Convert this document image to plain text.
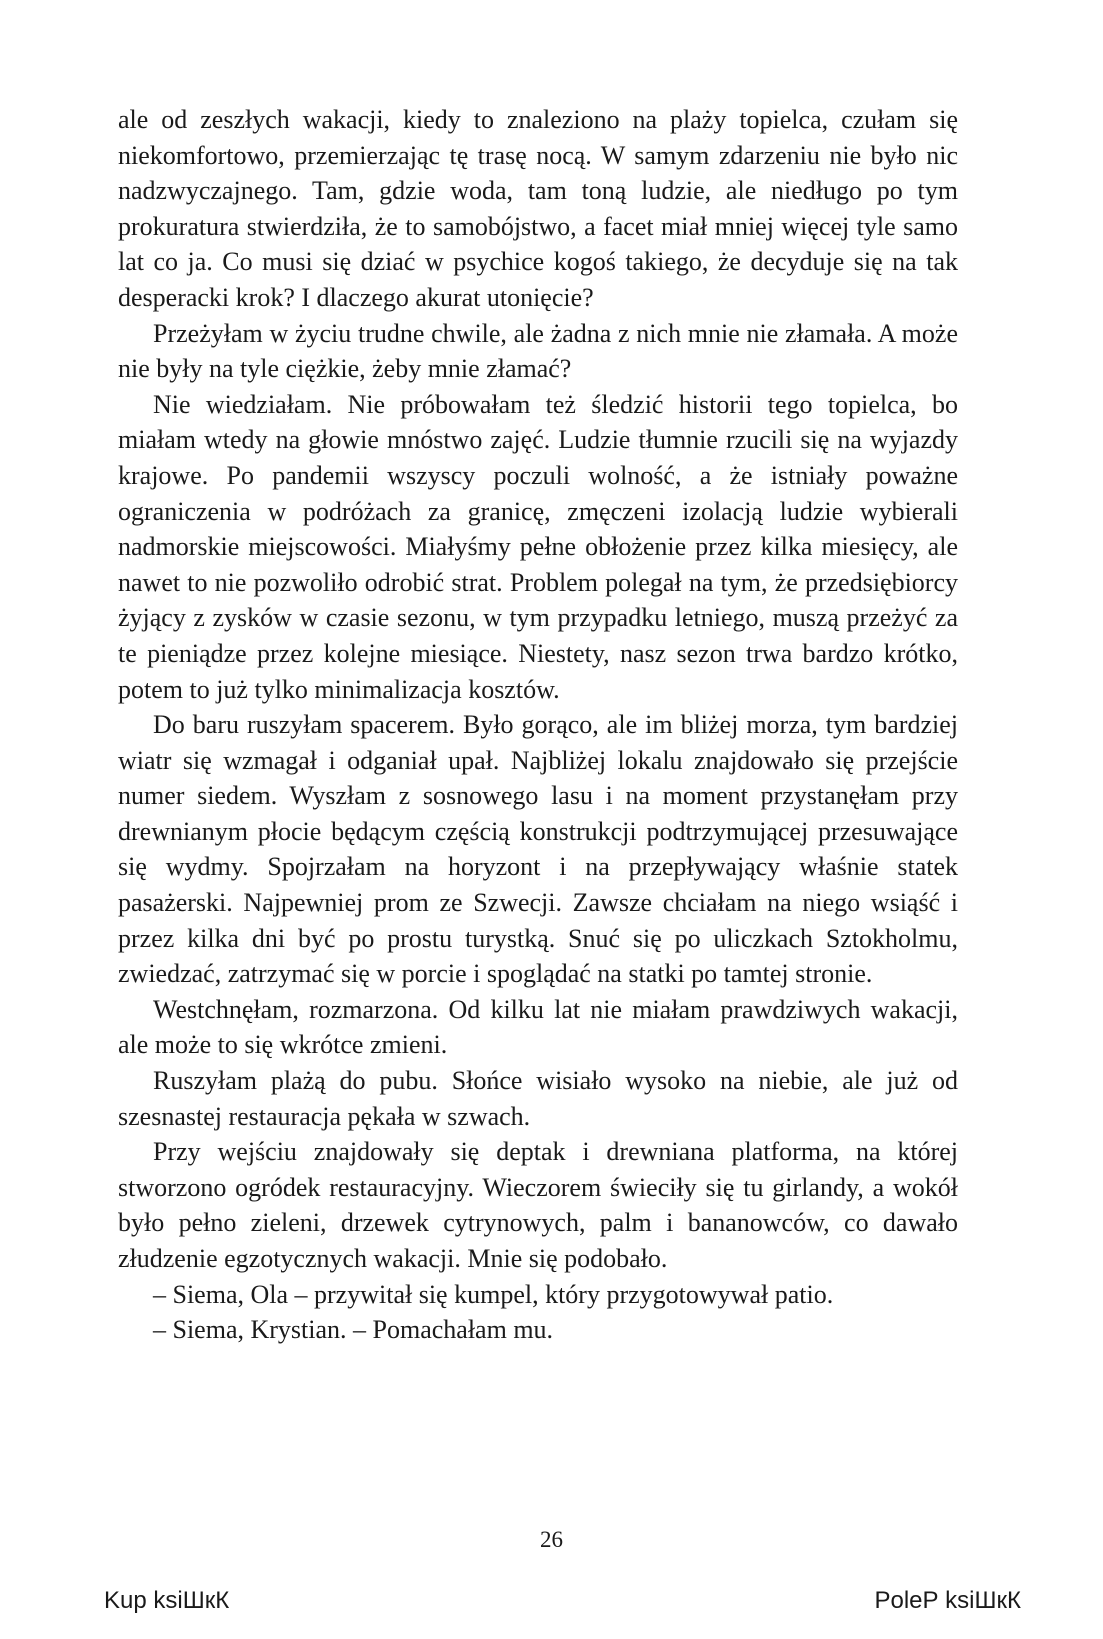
ale od zeszłych wakacji, kiedy to znaleziono na plaży topielca, czułam się niekomfortowo, przemierzając tę trasę nocą. W samym zdarzeniu nie było nic nadzwyczajnego. Tam, gdzie woda, tam toną ludzie, ale niedługo po tym prokuratura stwierdziła, że to samobójstwo, a facet miał mniej więcej tyle samo lat co ja. Co musi się dziać w psychice kogoś takiego, że decyduje się na tak desperacki krok? I dlaczego akurat utonięcie?

Przeżyłam w życiu trudne chwile, ale żadna z nich mnie nie złamała. A może nie były na tyle ciężkie, żeby mnie złamać?

Nie wiedziałam. Nie próbowałam też śledzić historii tego topielca, bo miałam wtedy na głowie mnóstwo zajęć. Ludzie tłumnie rzucili się na wyjazdy krajowe. Po pandemii wszyscy poczuli wolność, a że istniały poważne ograniczenia w podróżach za granicę, zmęczeni izolacją ludzie wybierali nadmorskie miejscowości. Miałyśmy pełne obłożenie przez kilka miesięcy, ale nawet to nie pozwoliło odrobić strat. Problem polegał na tym, że przedsiębiorcy żyjący z zysków w czasie sezonu, w tym przypadku letniego, muszą przeżyć za te pieniądze przez kolejne miesiące. Niestety, nasz sezon trwa bardzo krótko, potem to już tylko minimalizacja kosztów.

Do baru ruszyłam spacerem. Było gorąco, ale im bliżej morza, tym bardziej wiatr się wzmagał i odganiał upał. Najbliżej lokalu znajdowało się przejście numer siedem. Wyszłam z sosnowego lasu i na moment przystanęłam przy drewnianym płocie będącym częścią konstrukcji podtrzymującej przesuwające się wydmy. Spojrzałam na horyzont i na przepływający właśnie statek pasażerski. Najpewniej prom ze Szwecji. Zawsze chciałam na niego wsiąść i przez kilka dni być po prostu turystką. Snuć się po uliczkach Sztokholmu, zwiedzać, zatrzymać się w porcie i spoglądać na statki po tamtej stronie.

Westchnęłam, rozmarzona. Od kilku lat nie miałam prawdziwych wakacji, ale może to się wkrótce zmieni.

Ruszyłam plażą do pubu. Słońce wisiało wysoko na niebie, ale już od szesnastej restauracja pękała w szwach.

Przy wejściu znajdowały się deptak i drewniana platforma, na której stworzono ogródek restauracyjny. Wieczorem świeciły się tu girlandy, a wokół było pełno zieleni, drzewek cytrynowych, palm i bananowców, co dawało złudzenie egzotycznych wakacji. Mnie się podobało.

– Siema, Ola – przywitał się kumpel, który przygotowywał patio.

– Siema, Krystian. – Pomachałam mu.

26
Kup ksiШкК	PoleР ksiШкК
